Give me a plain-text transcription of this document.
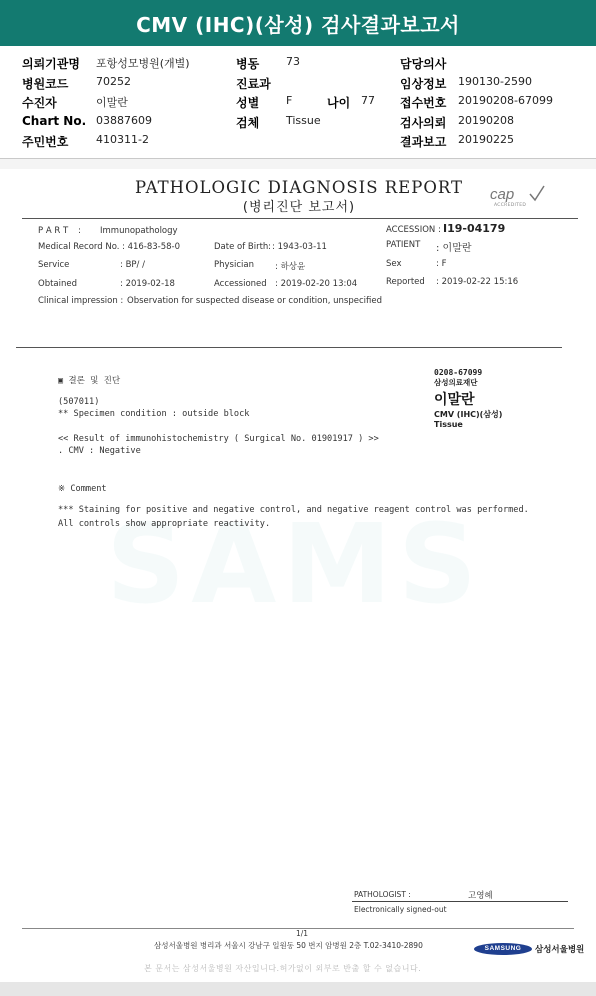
CMV (IHC)(삼성) 검사결과보고서
의뢰기관명 포항성모병원(개별)	병동 73	담당의사
병원코드	70252	진료과	임상정보 190130-2590
수진자	이말란	성별 F	나이 77 접수번호 20190208-67099
Chart No. 03887609	검체 Tissue	검사의뢰 20190208
주민번호	410311-2	결과보고 20190225
PATHOLOGIC DIAGNOSIS REPORT
(병리진단 보고서)
cap
ACCREDITED
P A R T : Immunopathology	ACCESSION : I19-04179
Medical Record No. : 416-83-58-0	Date of Birth : : 1943-03-11	PATIENT : 이말란
Service	: BP/ /	Physician : 하상윤	Sex	: F
Obtained	: 2019-02-18	Accessioned : 2019-02-20 13:04	Reported : 2019-02-22 15:16
Clinical impression : Observation for suspected disease or condition, unspecified
0208-67099
삼성의료재단
이말란
CMV (IHC)(삼성)
Tissue
▣ 결론 및 진단
(507011)
** Specimen condition : outside block
<< Result of immunohistochemistry ( Surgical No. 01901917 ) >>
. CMV : Negative
※ Comment
*** Staining for positive and negative control, and negative reagent control was performed.
All controls show appropriate reactivity.
PATHOLOGIST :	고영혜
Electronically signed-out
1/1
삼성서울병원 병리과 서울시 강남구 일원동 50 번지 암병원 2층 T.02-3410-2890	SAMSUNG	삼성서울병원
본 문서는 삼성서울병원 자산입니다.허가없이 외부로 반출 할 수 없습니다.
